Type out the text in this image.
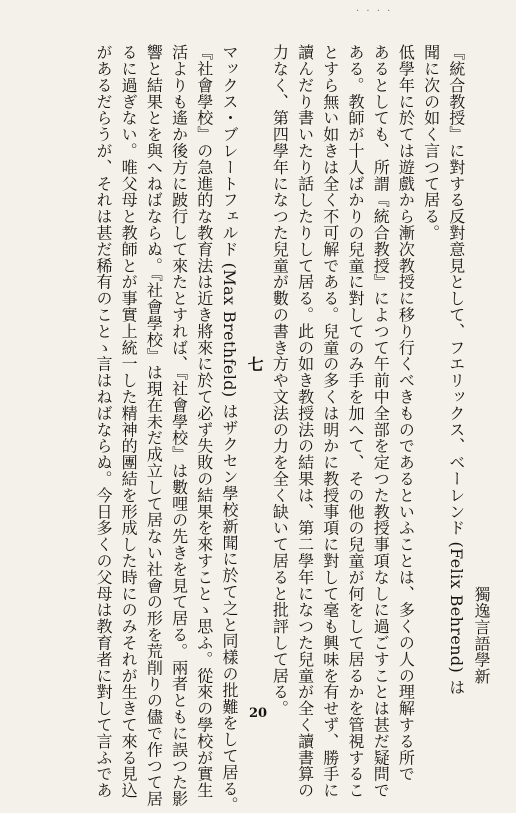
· · · ·
獨逸言語學新
『統合教授』に對する反對意見として、フエリックス、ベーレンド (Felix Behrend) は
聞に次の如く言つて居る。
低學年に於ては遊戲から漸次教授に移り行くべきものであるといふことは、多くの人の理解する所で
あるとしても、所謂『統合教授』によつて午前中全部を定つた教授事項なしに過ごすことは甚だ疑問で
ある。教師が十人ばかりの兒童に對してのみ手を加へて、その他の兒童が何をして居るかを管視するこ
とすら無い如きは全く不可解である。兒童の多くは明かに教授事項に對して毫も興味を有せず、勝手に
讀んだり書いたり話したりして居る。此の如き教授法の結果は、第二學年になつた兒童が全く讀書算の
力なく、第四學年になつた兒童が數の書き方や文法の力を全く缺いて居ると批評して居る。
七
マックス・ブレートフェルド (Max Brethfeld) はザクセン學校新聞に於て之と同樣の批難をして居る。
『社會學校』の急進的な教育法は近き將來に於て必ず失敗の結果を來すことゝ思ふ。從來の學校が實生
活よりも遙か後方に跛行して來たとすれば、『社會學校』は數哩の先きを見て居る。兩者ともに誤つた影
響と結果とを與へねばならぬ。『社會學校』は現在未だ成立して居ない社會の形を荒削りの儘で作つて居
るに過ぎない。唯父母と教師とが事實上統一した精神的團結を形成した時にのみそれが生きて來る見込
があるだらうが、それは甚だ稀有のことゝ言はねばならぬ。今日多くの父母は教育者に對して言ふであ	20
